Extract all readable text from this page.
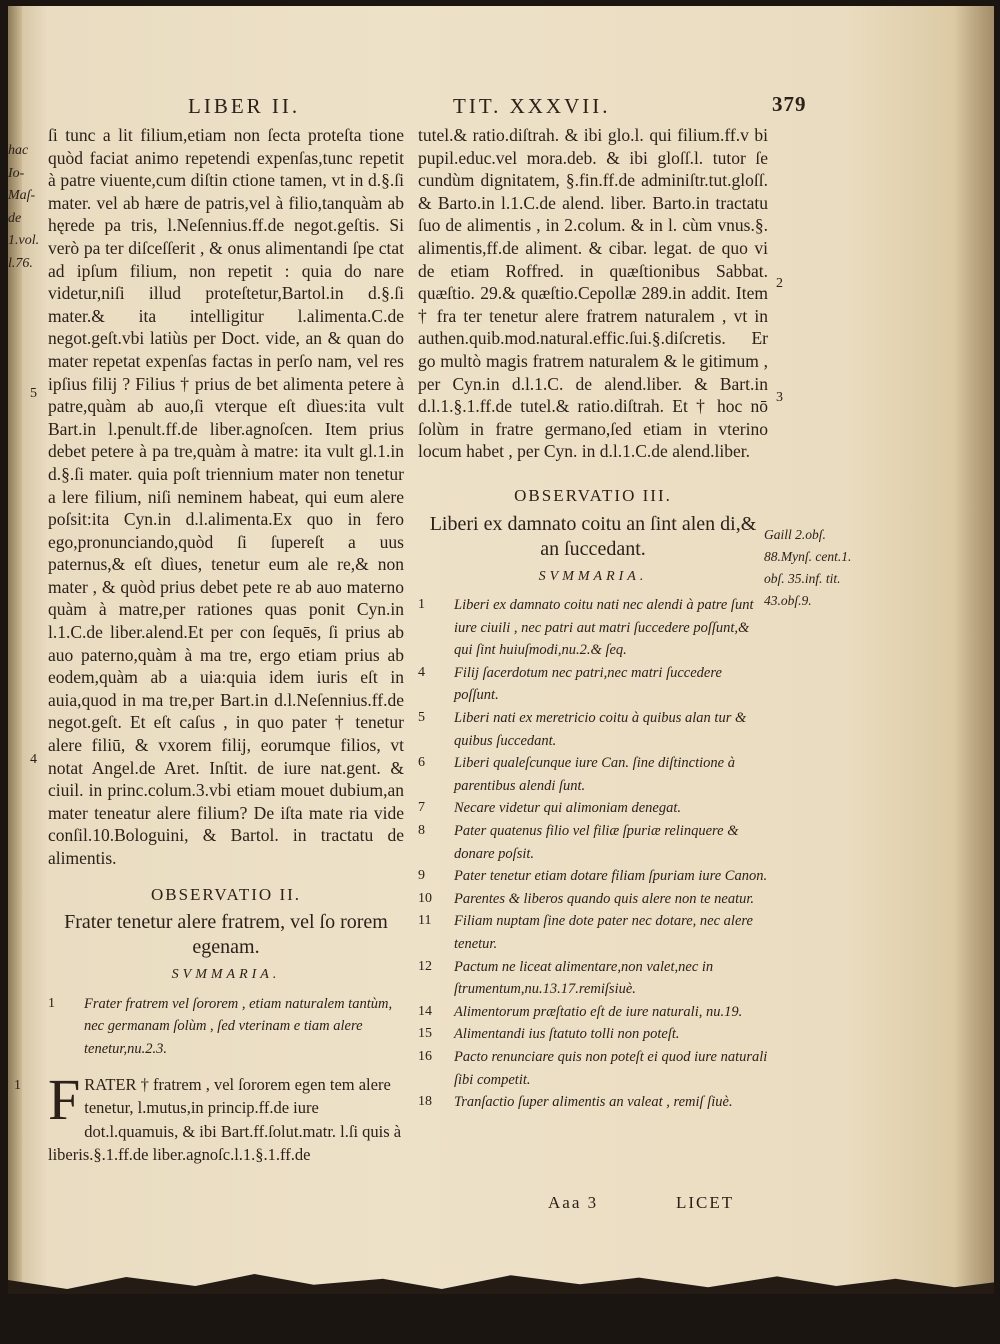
LIBER II.	TIT. XXXVII.	379
hac
Io-
Maſ-
de
1.vol.
l.76.
5
4

ſi tunc a lit filium,etiam non ſecta proteſta tione quòd faciat animo repetendi expenſas,tunc repetit à patre viuente,cum diſtin ctione tamen, vt in d.§.ſi mater. vel ab hære de patris,vel à filio,tanquàm ab hęrede pa tris, l.Neſennius.ff.de negot.geſtis. Si verò pa ter diſceſſerit , & onus alimentandi ſpe ctat ad ipſum filium, non repetit : quia do nare videtur,niſi illud proteſtetur,Bartol.in d.§.ſi mater.& ita intelligitur l.alimenta.C.de negot.geſt.vbi latiùs per Doct. vide, an & quan do mater repetat expenſas factas in perſo nam, vel res ipſius filij ? Filius † prius de bet alimenta petere à patre,quàm ab auo,ſi vterque eſt dìues:ita vult Bart.in l.penult.ff.de liber.agnoſcen. Item prius debet petere à pa tre,quàm à matre: ita vult gl.1.in d.§.ſi mater. quia poſt triennium mater non tenetur a lere filium, niſi neminem habeat, qui eum alere poſsit:ita Cyn.in d.l.alimenta.Ex quo in fero ego,pronunciando,quòd ſi ſupereſt a uus paternus,& eſt dìues, tenetur eum ale re,& non mater , & quòd prius debet pete re ab auo materno quàm à matre,per rationes quas ponit Cyn.in l.1.C.de liber.alend.Et per con ſequēs, ſi prius ab auo paterno,quàm à ma tre, ergo etiam prius ab eodem,quàm ab a uia:quia idem iuris eſt in auia,quod in ma tre,per Bart.in d.l.Neſennius.ff.de negot.geſt. Et eſt caſus , in quo pater † tenetur alere filiū, & vxorem filij, eorumque filios, vt notat Angel.de Aret. Inſtit. de iure nat.gent. & ciuil. in princ.colum.3.vbi etiam mouet dubium,an mater teneatur alere filium? De iſta mate ria vide conſil.10.Bologuini, & Bartol. in tractatu de alimentis.

OBSERVATIO II.
Frater tenetur alere fratrem, vel ſo rorem egenam.
SVMMARIA.
1	Frater fratrem vel ſororem , etiam naturalem tantùm, nec germanam ſolùm , ſed vterinam e tiam alere tenetur,nu.2.3.
1 F RATER † fratrem , vel ſororem egen tem alere tenetur, l.mutus,in princip.ff.de iure dot.l.quamuis, & ibi Bart.ff.ſolut.matr. l.ſi quis à liberis.§.1.ff.de liber.agnoſc.l.1.§.1.ff.de

tutel.& ratio.diſtrah. & ibi glo.l. qui filium.ff.v bi pupil.educ.vel mora.deb. & ibi gloſſ.l. tutor ſe cundùm dignitatem, §.fin.ff.de adminiſtr.tut.gloſſ. & Barto.in l.1.C.de alend. liber. Barto.in tractatu ſuo de alimentis , in 2.colum. & in l. cùm vnus.§. alimentis,ff.de aliment. & cibar. legat. de quo vi de etiam Roffred. in quæſtionibus Sabbat. quæſtio. 29.& quæſtio.Cepollæ 289.in addit. Item † fra ter tenetur alere fratrem naturalem , vt in authen.quib.mod.natural.effic.ſui.§.diſcretis. Er go multò magis fratrem naturalem & le gitimum , per Cyn.in d.l.1.C. de alend.liber. & Bart.in d.l.1.§.1.ff.de tutel.& ratio.diſtrah. Et † hoc nō ſolùm in fratre germano,ſed etiam in vterino locum habet , per Cyn. in d.l.1.C.de alend.liber.

OBSERVATIO III.
Liberi ex damnato coitu an ſint alen di,& an ſuccedant.
SVMMARIA.
1	Liberi ex damnato coitu nati nec alendi à patre ſunt iure ciuili , nec patri aut matri ſuccedere poſſunt,& qui ſint huiuſmodi,nu.2.& ſeq.
4	Filij ſacerdotum nec patri,nec matri ſuccedere poſſunt.
5	Liberi nati ex meretricio coitu à quibus alan tur & quibus ſuccedant.
6	Liberi qualeſcunque iure Can. ſine diſtinctione à parentibus alendi ſunt.
7	Necare videtur qui alimoniam denegat.
8	Pater quatenus filio vel filiæ ſpuriæ relinquere & donare poſsit.
9	Pater tenetur etiam dotare filiam ſpuriam iure Canon.
10	Parentes & liberos quando quis alere non te neatur.
11	Filiam nuptam ſine dote pater nec dotare, nec alere tenetur.
12	Pactum ne liceat alimentare,non valet,nec in ſtrumentum,nu.13.17.remiſsiuè.
14	Alimentorum præſtatio eſt de iure naturali, nu.19.
15	Alimentandi ius ſtatuto tolli non poteſt.
16	Pacto renunciare quis non poteſt ei quod iure naturali ſibi competit.
18	Tranſactio ſuper alimentis an valeat , remiſ ſiuè.
2
3
Gaill 2.obſ. 88.Mynſ. cent.1. obſ. 35.inf. tit. 43.obſ.9.
Aaa 3	LICET
